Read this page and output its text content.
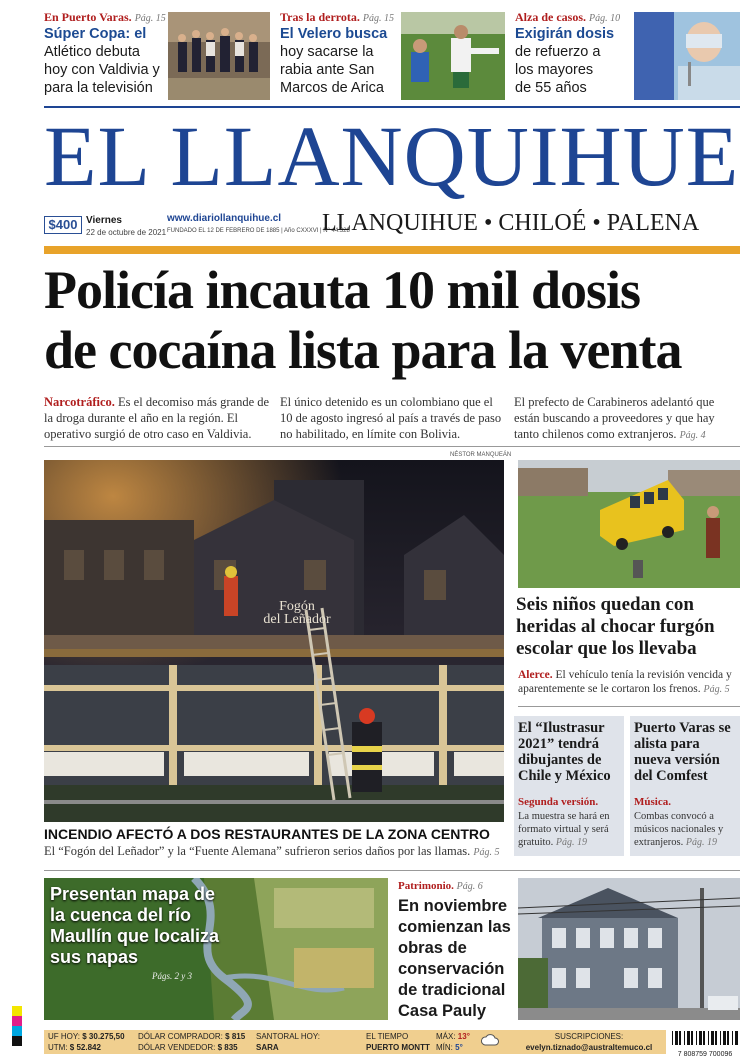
En Puerto Varas. Pág. 15
Súper Copa: el
Atlético debuta
hoy con Valdivia y
para la televisión
Tras la derrota. Pág. 15
El Velero busca
hoy sacarse la
rabia ante San
Marcos de Arica
Alza de casos. Pág. 10
Exigirán dosis
de refuerzo a
los mayores
de 55 años
EL LLANQUIHUE
$400 Viernes
22 de octubre de 2021
www.diariollanquihue.cl
FUNDADO EL 12 DE FEBRERO DE 1885 | Año CXXXVI | Nº 44.328
LLANQUIHUE • CHILOÉ • PALENA
Policía incauta 10 mil dosis
de cocaína lista para la venta
Narcotráfico. Es el decomiso más grande de la droga durante el año en la región. El operativo surgió de otro caso en Valdivia.
El único detenido es un colombiano que el 10 de agosto ingresó al país a través de paso no habilitado, en límite con Bolivia.
El prefecto de Carabineros adelantó que están buscando a proveedores y que hay tanto chilenos como extranjeros. Pág. 4
NÉSTOR MANQUEÁN
Fogón
del Leñador
INCENDIO AFECTÓ A DOS RESTAURANTES DE LA ZONA CENTRO
El “Fogón del Leñador” y la “Fuente Alemana” sufrieron serios daños por las llamas. Pág. 5
Seis niños quedan con heridas al chocar furgón escolar que los llevaba
Alerce. El vehículo tenía la revisión vencida y aparentemente se le cortaron los frenos. Pág. 5
El “Ilustrasur 2021” tendrá dibujantes de Chile y México
Segunda versión.
La muestra se hará en formato virtual y será gratuito. Pág. 19
Puerto Varas se alista para nueva versión del Comfest
Música.
Combas convocó a músicos nacionales y extranjeros. Pág. 19
Presentan mapa de la cuenca del río Maullín que localiza sus napas
Págs. 2 y 3
Patrimonio. Pág. 6
En noviembre comienzan las obras de conservación de tradicional Casa Pauly
UF HOY: $ 30.275,50
UTM: $ 52.842
DÓLAR COMPRADOR: $ 815
DÓLAR VENDEDOR: $ 835
SANTORAL HOY:
SARA
EL TIEMPO
PUERTO MONTT
MÁX: 13°
MÍN: 5°
SUSCRIPCIONES:
evelyn.tiznado@australtemuco.cl
7 808759 700096
